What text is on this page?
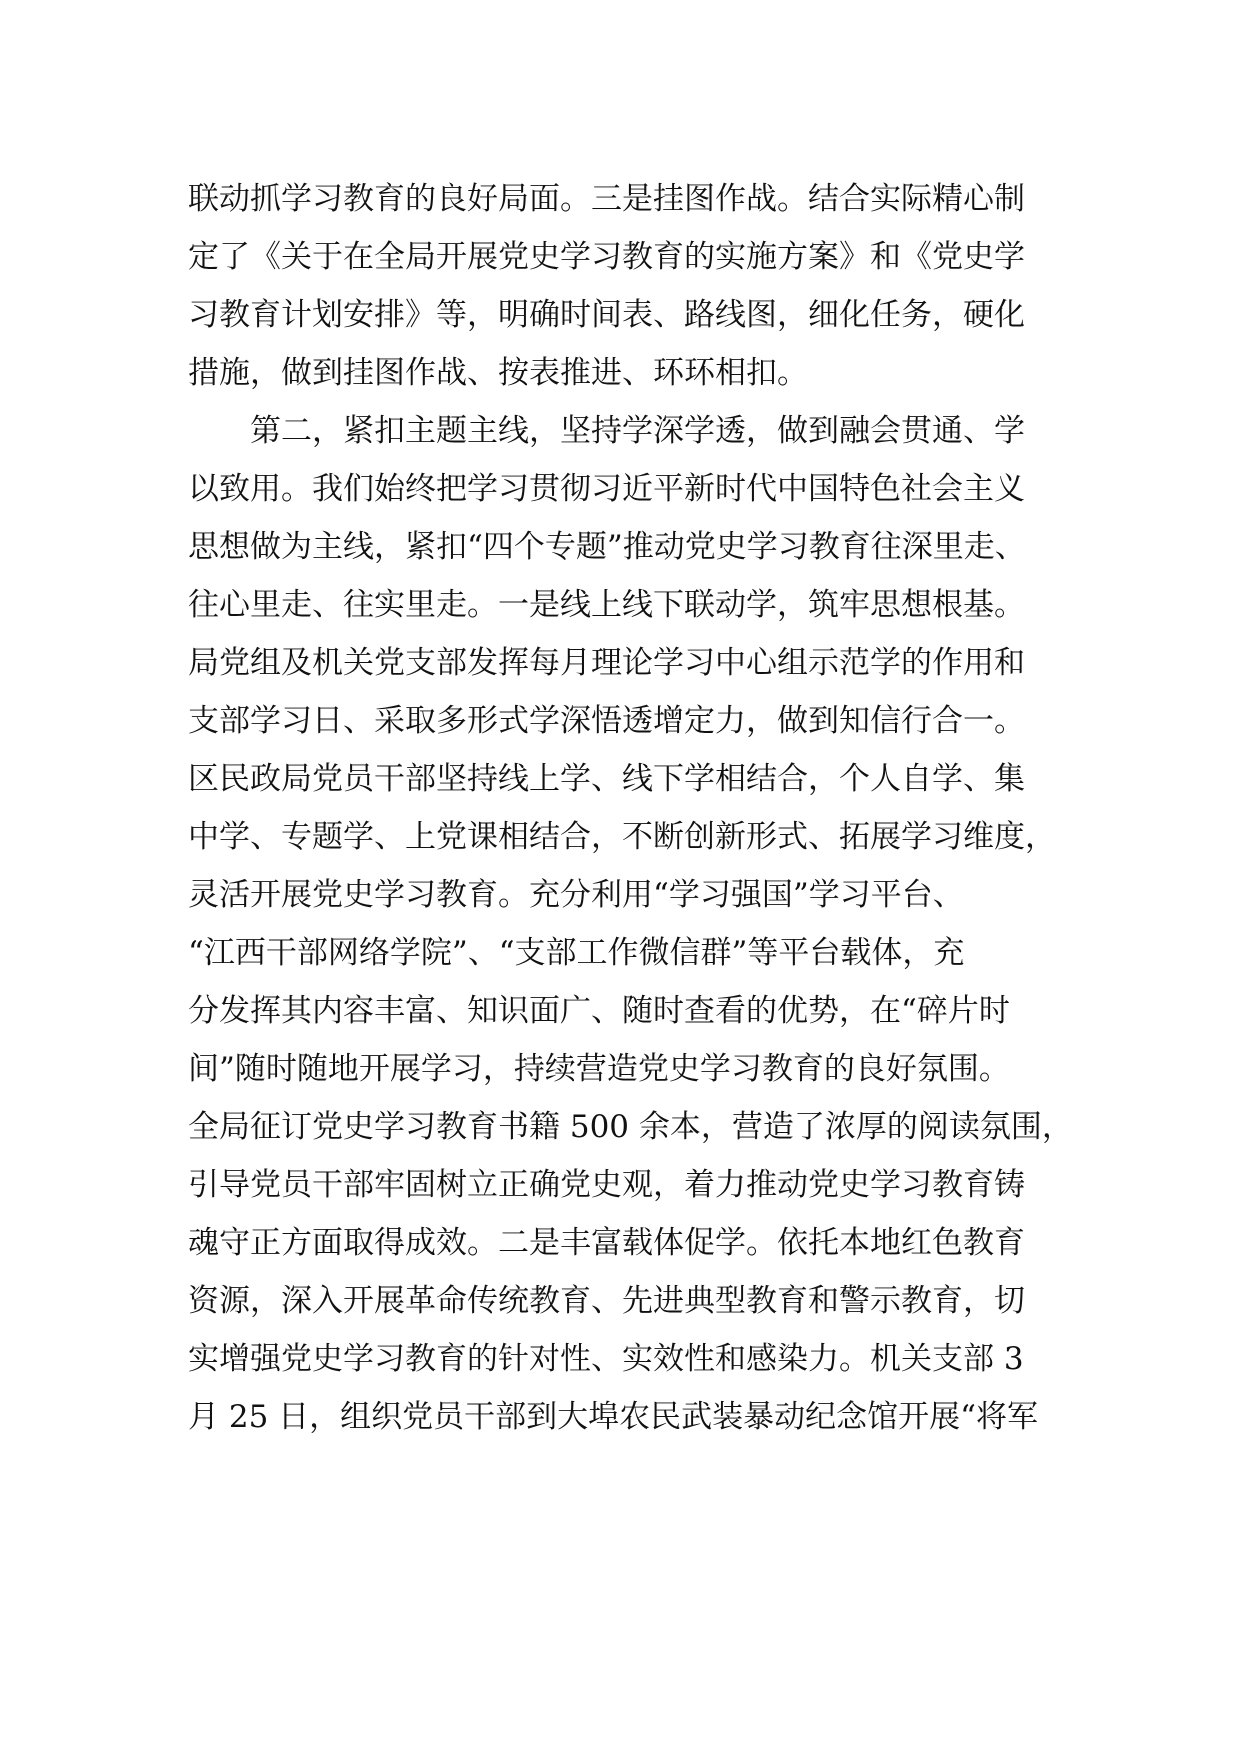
联动抓学习教育的良好局面。三是挂图作战。结合实际精心制
定了《关于在全局开展党史学习教育的实施方案》和《党史学
习教育计划安排》等，明确时间表、路线图，细化任务，硬化
措施，做到挂图作战、按表推进、环环相扣。
第二，紧扣主题主线，坚持学深学透，做到融会贯通、学
以致用。我们始终把学习贯彻习近平新时代中国特色社会主义
思想做为主线，紧扣“四个专题”推动党史学习教育往深里走、
往心里走、往实里走。一是线上线下联动学，筑牢思想根基。
局党组及机关党支部发挥每月理论学习中心组示范学的作用和
支部学习日、采取多形式学深悟透增定力，做到知信行合一。
区民政局党员干部坚持线上学、线下学相结合，个人自学、集
中学、专题学、上党课相结合，不断创新形式、拓展学习维度，
灵活开展党史学习教育。充分利用“学习强国”学习平台、
“江西干部网络学院”、“支部工作微信群”等平台载体，充
分发挥其内容丰富、知识面广、随时查看的优势，在“碎片时
间”随时随地开展学习，持续营造党史学习教育的良好氛围。
全局征订党史学习教育书籍 500 余本，营造了浓厚的阅读氛围，
引导党员干部牢固树立正确党史观，着力推动党史学习教育铸
魂守正方面取得成效。二是丰富载体促学。依托本地红色教育
资源，深入开展革命传统教育、先进典型教育和警示教育，切
实增强党史学习教育的针对性、实效性和感染力。机关支部 3
月 25 日，组织党员干部到大埠农民武装暴动纪念馆开展“将军
